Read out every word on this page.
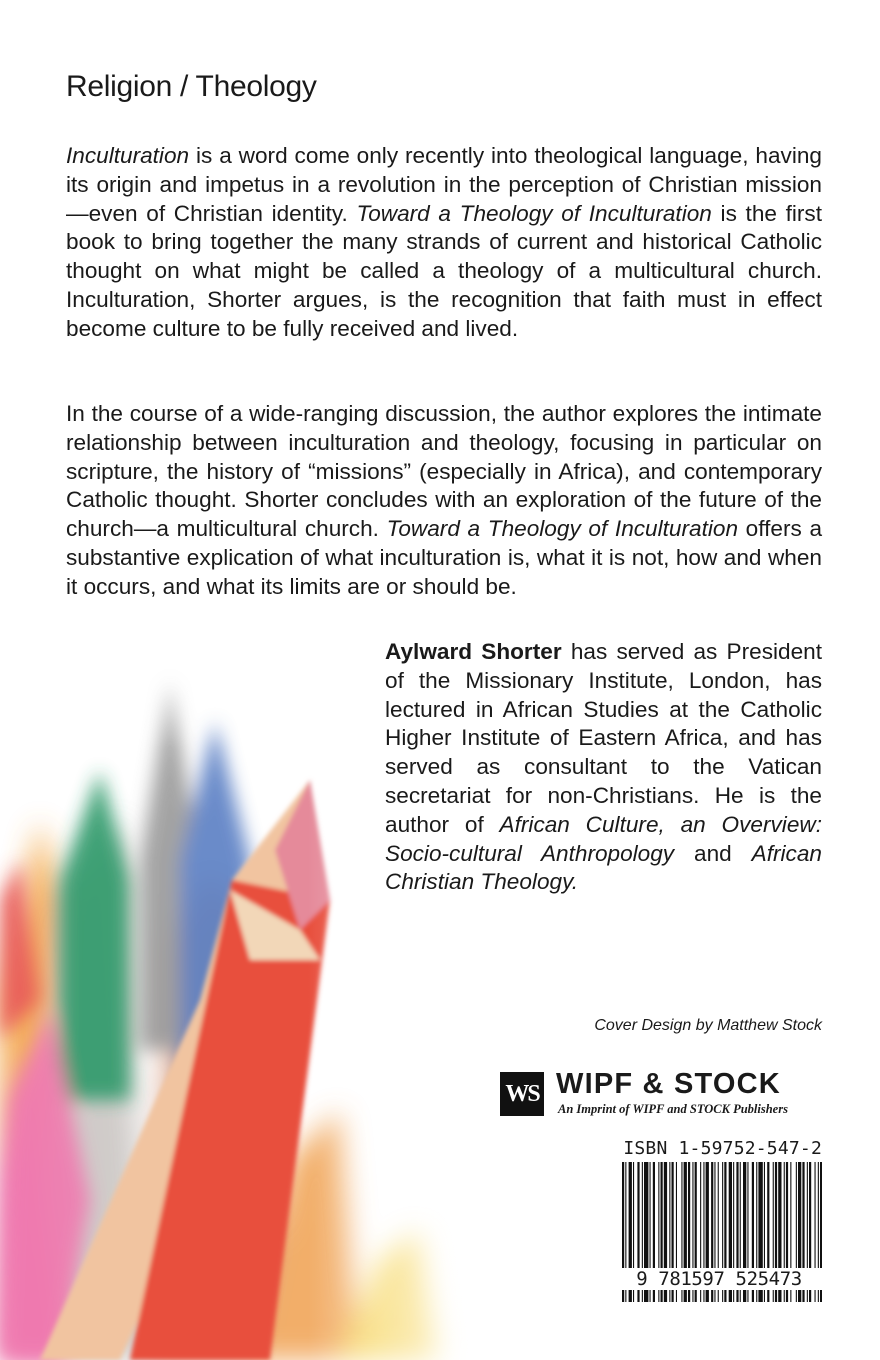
Religion / Theology

Inculturation is a word come only recently into theological language, having its origin and impetus in a revolution in the perception of Christian mission—even of Christian identity. Toward a Theology of Inculturation is the first book to bring together the many strands of current and historical Catholic thought on what might be called a theology of a multicultural church. Inculturation, Shorter argues, is the recognition that faith must in effect become culture to be fully received and lived.

In the course of a wide-ranging discussion, the author explores the intimate relationship between inculturation and theology, focusing in particular on scripture, the history of “missions” (especially in Africa), and contemporary Catholic thought. Shorter concludes with an exploration of the future of the church—a multicultural church. Toward a Theology of Inculturation offers a substantive explication of what inculturation is, what it is not, how and when it occurs, and what its limits are or should be.

Aylward Shorter has served as President of the Missionary Institute, London, has lectured in African Studies at the Catholic Higher Institute of Eastern Africa, and has served as consultant to the Vatican secretariat for non-Christians. He is the author of African Culture, an Overview: Socio-cultural Anthropology and African Christian Theology.

Cover Design by Matthew Stock
WS WIPF & STOCK
An Imprint of WIPF and STOCK Publishers
ISBN 1-59752-547-2
9 781597 525473
